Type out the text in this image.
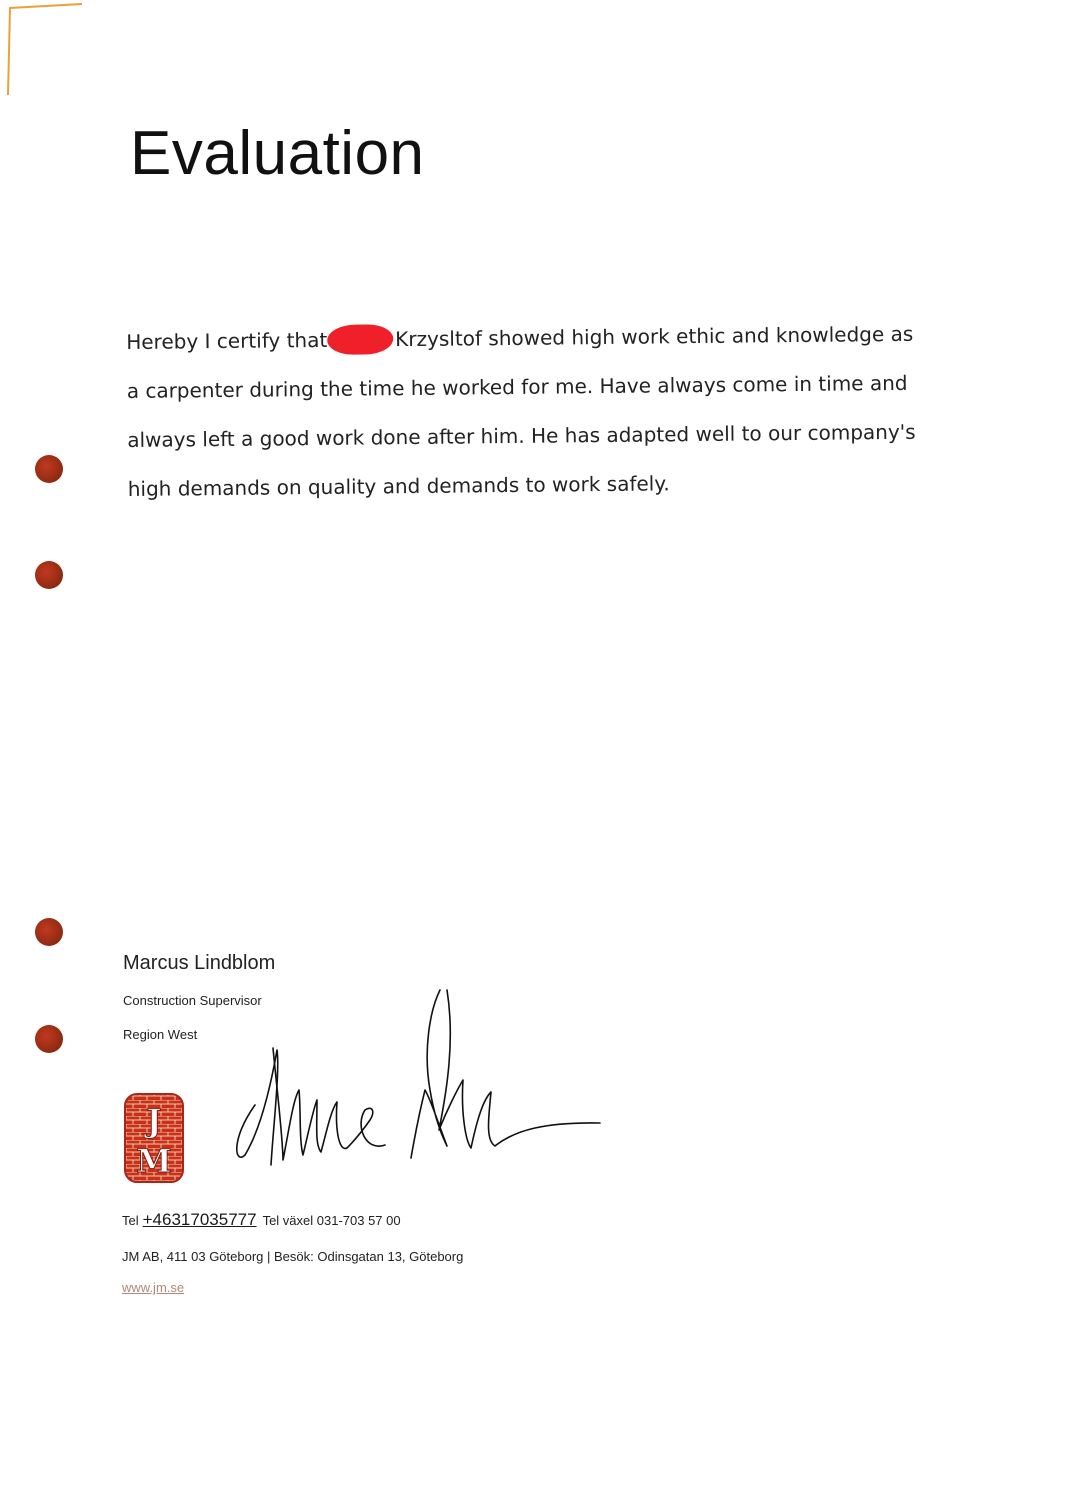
Evaluation

Hereby I certify that	Krzysltof showed high work ethic and knowledge as

a carpenter during the time he worked for me. Have always come in time and

always left a good work done after him. He has adapted well to our company's

high demands on quality and demands to work safely.

Marcus Lindblom
Construction Supervisor
Region West
J
M
Tel +46317035777 Tel växel 031-703 57 00
JM AB, 411 03 Göteborg | Besök: Odinsgatan 13, Göteborg
www.jm.se
